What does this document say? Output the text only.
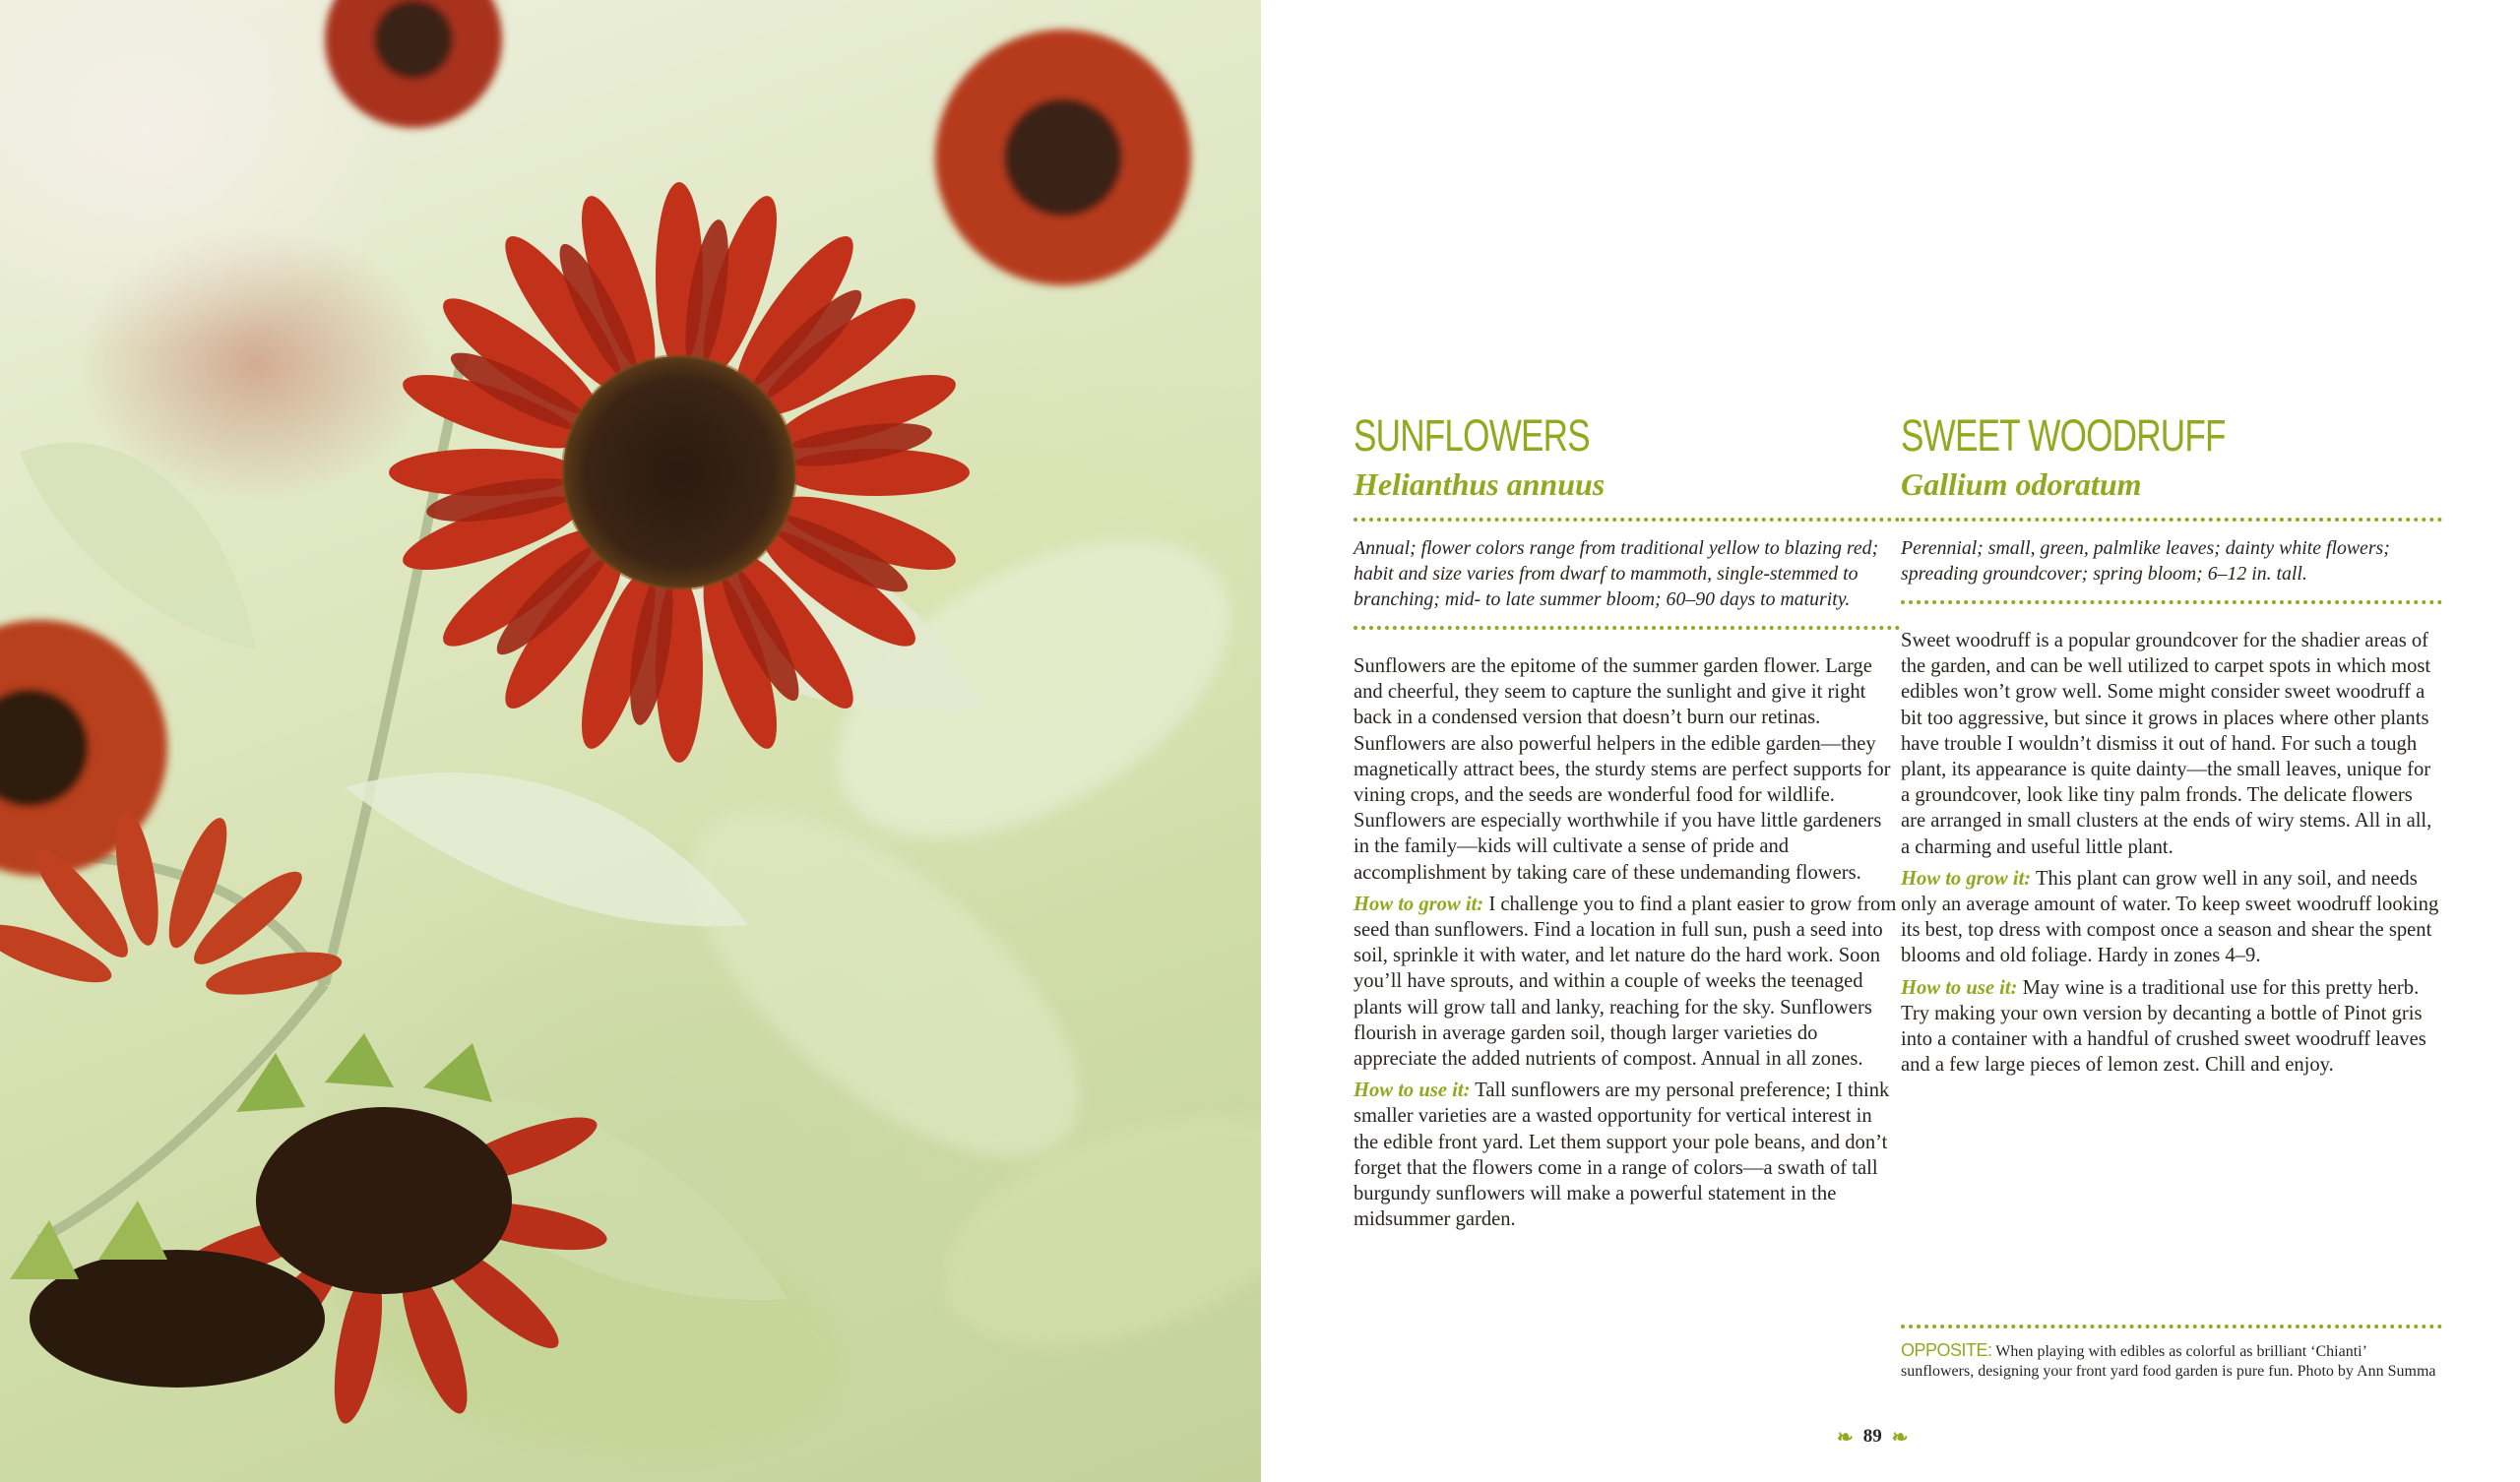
SUNFLOWERS
Helianthus annuus
Annual; flower colors range from traditional yellow to blazing red; habit and size varies from dwarf to mammoth, single-stemmed to branching; mid- to late summer bloom; 60–90 days to maturity.

Sunflowers are the epitome of the summer garden flower. Large and cheerful, they seem to capture the sunlight and give it right back in a condensed version that doesn’t burn our retinas. Sunflowers are also powerful helpers in the edible garden—they magnetically attract bees, the sturdy stems are perfect supports for vining crops, and the seeds are wonderful food for wildlife. Sunflowers are especially worthwhile if you have little gardeners in the family—kids will cultivate a sense of pride and accomplishment by taking care of these undemanding flowers.

How to grow it: I challenge you to find a plant easier to grow from seed than sunflowers. Find a location in full sun, push a seed into soil, sprinkle it with water, and let nature do the hard work. Soon you’ll have sprouts, and within a couple of weeks the teenaged plants will grow tall and lanky, reaching for the sky. Sunflowers flourish in average garden soil, though larger varieties do appreciate the added nutrients of compost. Annual in all zones.

How to use it: Tall sunflowers are my personal preference; I think smaller varieties are a wasted opportunity for vertical interest in the edible front yard. Let them support your pole beans, and don’t forget that the flowers come in a range of colors—a swath of tall burgundy sunflowers will make a powerful statement in the midsummer garden.

SWEET WOODRUFF
Gallium odoratum
Perennial; small, green, palmlike leaves; dainty white flowers; spreading groundcover; spring bloom; 6–12 in. tall.

Sweet woodruff is a popular groundcover for the shadier areas of the garden, and can be well utilized to carpet spots in which most edibles won’t grow well. Some might consider sweet woodruff a bit too aggressive, but since it grows in places where other plants have trouble I wouldn’t dismiss it out of hand. For such a tough plant, its appearance is quite dainty—the small leaves, unique for a groundcover, look like tiny palm fronds. The delicate flowers are arranged in small clusters at the ends of wiry stems. All in all, a charming and useful little plant.

How to grow it: This plant can grow well in any soil, and needs only an average amount of water. To keep sweet woodruff looking its best, top dress with compost once a season and shear the spent blooms and old foliage. Hardy in zones 4–9.

How to use it: May wine is a traditional use for this pretty herb. Try making your own version by decanting a bottle of Pinot gris into a container with a handful of crushed sweet woodruff leaves and a few large pieces of lemon zest. Chill and enjoy.

OPPOSITE: When playing with edibles as colorful as brilliant ‘Chianti’ sunflowers, designing your front yard food garden is pure fun. Photo by Ann Summa
❧ 89 ❧
